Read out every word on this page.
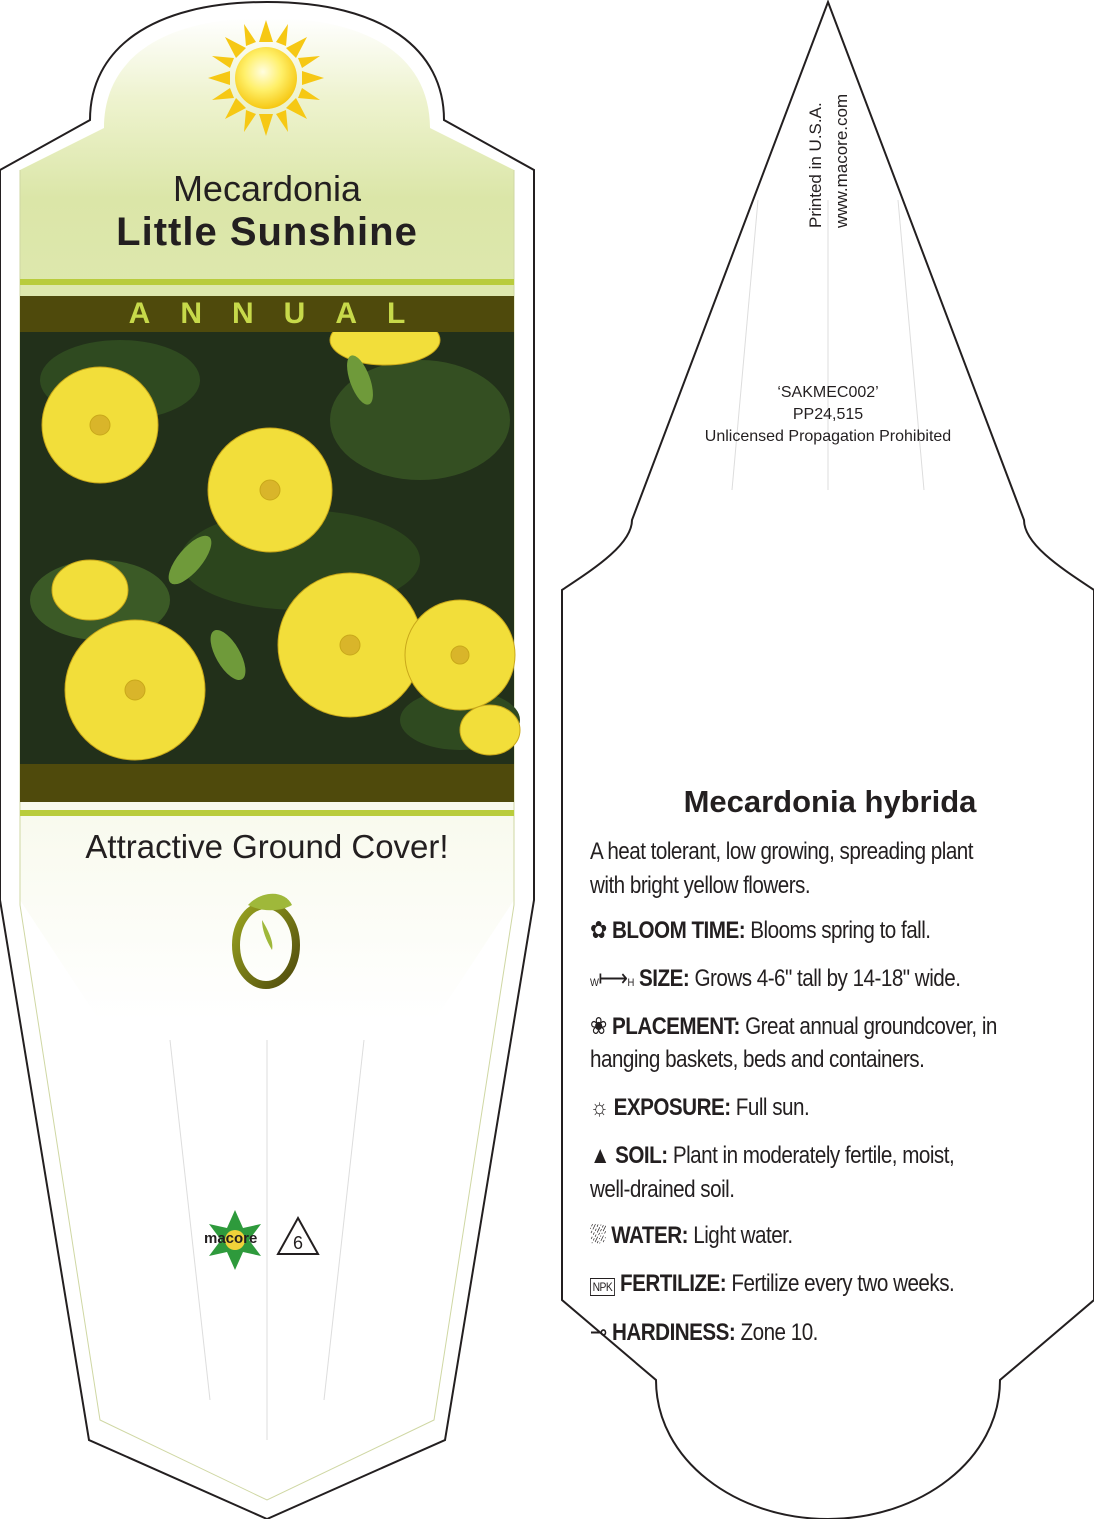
Mecardonia
Little Sunshine
ANNUAL
Attractive Ground Cover!
macore 6
Printed in U.S.A. www.macore.com
‘SAKMEC002’
PP24,515
Unlicensed Propagation Prohibited
Mecardonia hybrida
A heat tolerant, low growing, spreading plant
with bright yellow flowers.
✿ BLOOM TIME: Blooms spring to fall.
W⟼H SIZE: Grows 4-6" tall by 14-18" wide.
❀ PLACEMENT: Great annual groundcover, in
hanging baskets, beds and containers.
☼ EXPOSURE: Full sun.
▲ SOIL: Plant in moderately fertile, moist,
well-drained soil.
⛆ WATER: Light water.
NPK FERTILIZE: Fertilize every two weeks.
⊸ HARDINESS: Zone 10.
